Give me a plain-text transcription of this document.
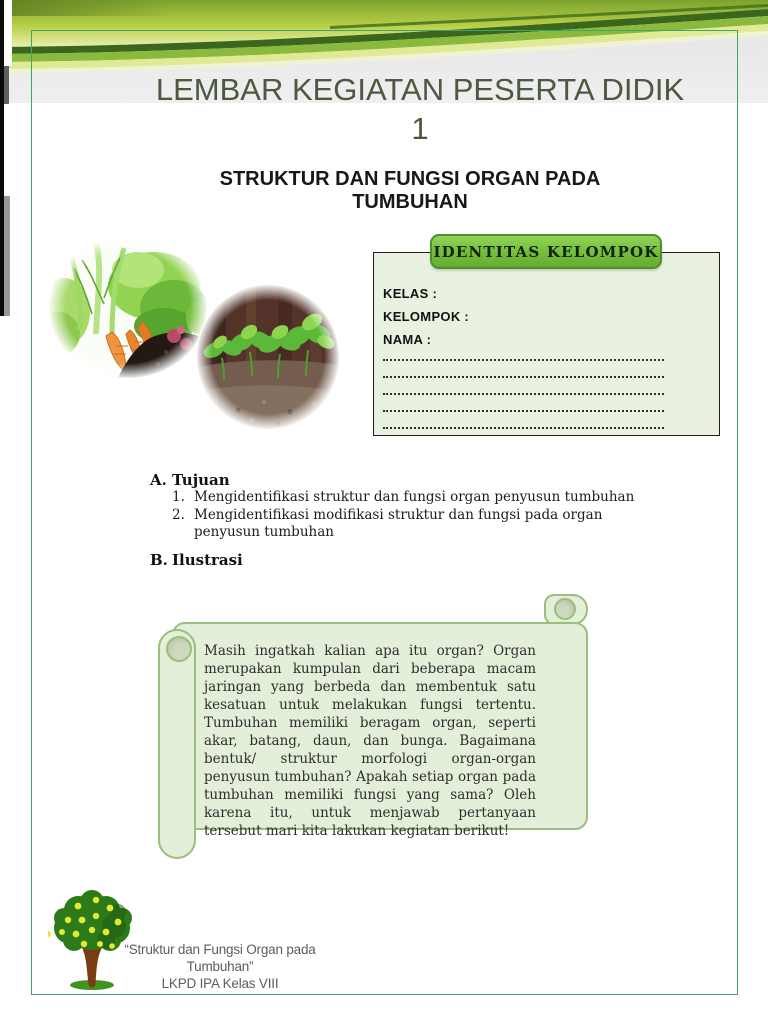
LEMBAR KEGIATAN PESERTA DIDIK
1
STRUKTUR DAN FUNGSI ORGAN PADA
TUMBUHAN
IDENTITAS KELOMPOK
KELAS :
KELOMPOK :
NAMA :
A. Tujuan
1. Mengidentifikasi struktur dan fungsi organ penyusun tumbuhan
2. Mengidentifikasi modifikasi struktur dan fungsi pada organ penyusun tumbuhan
B. Ilustrasi
Masih ingatkah kalian apa itu organ? Organ merupakan kumpulan dari beberapa macam jaringan yang berbeda dan membentuk satu kesatuan untuk melakukan fungsi tertentu. Tumbuhan memiliki beragam organ, seperti akar, batang, daun, dan bunga. Bagaimana bentuk/ struktur morfologi organ-organ penyusun tumbuhan? Apakah setiap organ pada tumbuhan memiliki fungsi yang sama? Oleh karena itu, untuk menjawab pertanyaan tersebut mari kita lakukan kegiatan berikut!
“Struktur dan Fungsi Organ pada
Tumbuhan”
LKPD IPA Kelas VIII
